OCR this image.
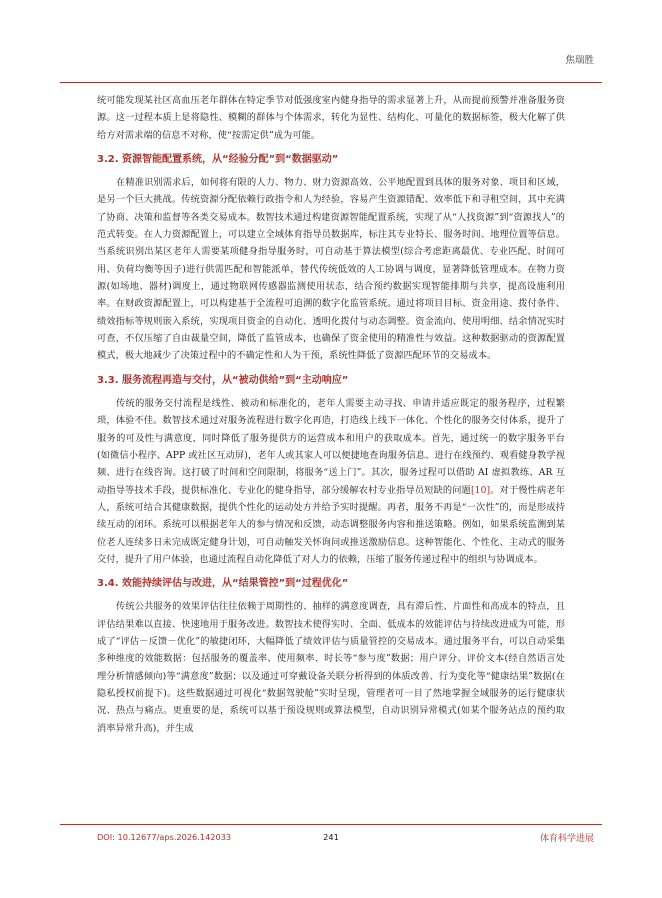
焦瑞胜

统可能发现某社区高血压老年群体在特定季节对低强度室内健身指导的需求显著上升，从而提前预警并准备服务资源。这一过程本质上是将隐性、模糊的群体与个体需求，转化为显性、结构化、可量化的数据标签，极大化解了供给方对需求端的信息不对称，使“按需定供”成为可能。

3.2. 资源智能配置系统，从“经验分配”到“数据驱动”

在精准识别需求后，如何将有限的人力、物力、财力资源高效、公平地配置到具体的服务对象、项目和区域，是另一个巨大挑战。传统资源分配依赖行政指令和人为经验，容易产生资源错配、效率低下和寻租空间，其中充满了协商、决策和监督等各类交易成本。数智技术通过构建资源智能配置系统，实现了从“人找资源”到“资源找人”的范式转变。在人力资源配置上，可以建立全域体育指导员数据库，标注其专业特长、服务时间、地理位置等信息。当系统识别出某区老年人需要某项健身指导服务时，可自动基于算法模型(综合考虑距离最优、专业匹配、时间可用、负荷均衡等因子)进行供需匹配和智能派单，替代传统低效的人工协调与调度，显著降低管理成本。在物力资源(如场地、器材)调度上，通过物联网传感器监测使用状态，结合预约数据实现智能排期与共享，提高设施利用率。在财政资源配置上，可以构建基于全流程可追溯的数字化监管系统。通过将项目目标、资金用途、拨付条件、绩效指标等规则嵌入系统，实现项目资金的自动化、透明化拨付与动态调整。资金流向、使用明细、结余情况实时可查，不仅压缩了自由裁量空间，降低了监管成本，也确保了资金使用的精准性与效益。这种数据驱动的资源配置模式，极大地减少了决策过程中的不确定性和人为干预，系统性降低了资源匹配环节的交易成本。

3.3. 服务流程再造与交付，从“被动供给”到“主动响应”

传统的服务交付流程是线性、被动和标准化的，老年人需要主动寻找、申请并适应既定的服务程序，过程繁琐，体验不佳。数智技术通过对服务流程进行数字化再造，打造线上线下一体化、个性化的服务交付体系，提升了服务的可及性与满意度，同时降低了服务提供方的运营成本和用户的获取成本。首先，通过统一的数字服务平台(如微信小程序、APP 或社区互动屏)，老年人或其家人可以便捷地查询服务信息、进行在线预约、观看健身教学视频、进行在线咨询。这打破了时间和空间限制，将服务“送上门”。其次，服务过程可以借助 AI 虚拟教练、AR 互动指导等技术手段，提供标准化、专业化的健身指导，部分缓解农村专业指导员短缺的问题[10]。对于慢性病老年人，系统可结合其健康数据，提供个性化的运动处方并给予实时提醒。再者，服务不再是“一次性”的，而是形成持续互动的闭环。系统可以根据老年人的参与情况和反馈，动态调整服务内容和推送策略。例如，如果系统监测到某位老人连续多日未完成既定健身计划，可自动触发关怀询问或推送激励信息。这种智能化、个性化、主动式的服务交付，提升了用户体验，也通过流程自动化降低了对人力的依赖，压缩了服务传递过程中的组织与协调成本。

3.4. 效能持续评估与改进，从“结果管控”到“过程优化”

传统公共服务的效果评估往往依赖于周期性的、抽样的满意度调查，具有滞后性、片面性和高成本的特点，且评估结果难以直接、快速地用于服务改进。数智技术使得实时、全面、低成本的效能评估与持续改进成为可能，形成了“评估－反馈－优化”的敏捷闭环，大幅降低了绩效评估与质量管控的交易成本。通过服务平台，可以自动采集多种维度的效能数据：包括服务的覆盖率、使用频率、时长等“参与度”数据；用户评分、评价文本(经自然语言处理分析情感倾向)等“满意度”数据；以及通过可穿戴设备关联分析得到的体质改善、行为变化等“健康结果”数据(在隐私授权前提下)。这些数据通过可视化“数据驾驶舱”实时呈现，管理者可一目了然地掌握全域服务的运行健康状况、热点与痛点。更重要的是，系统可以基于预设规则或算法模型，自动识别异常模式(如某个服务站点的预约取消率异常升高)，并生成

DOI: 10.12677/aps.2026.142033	241	体育科学进展
